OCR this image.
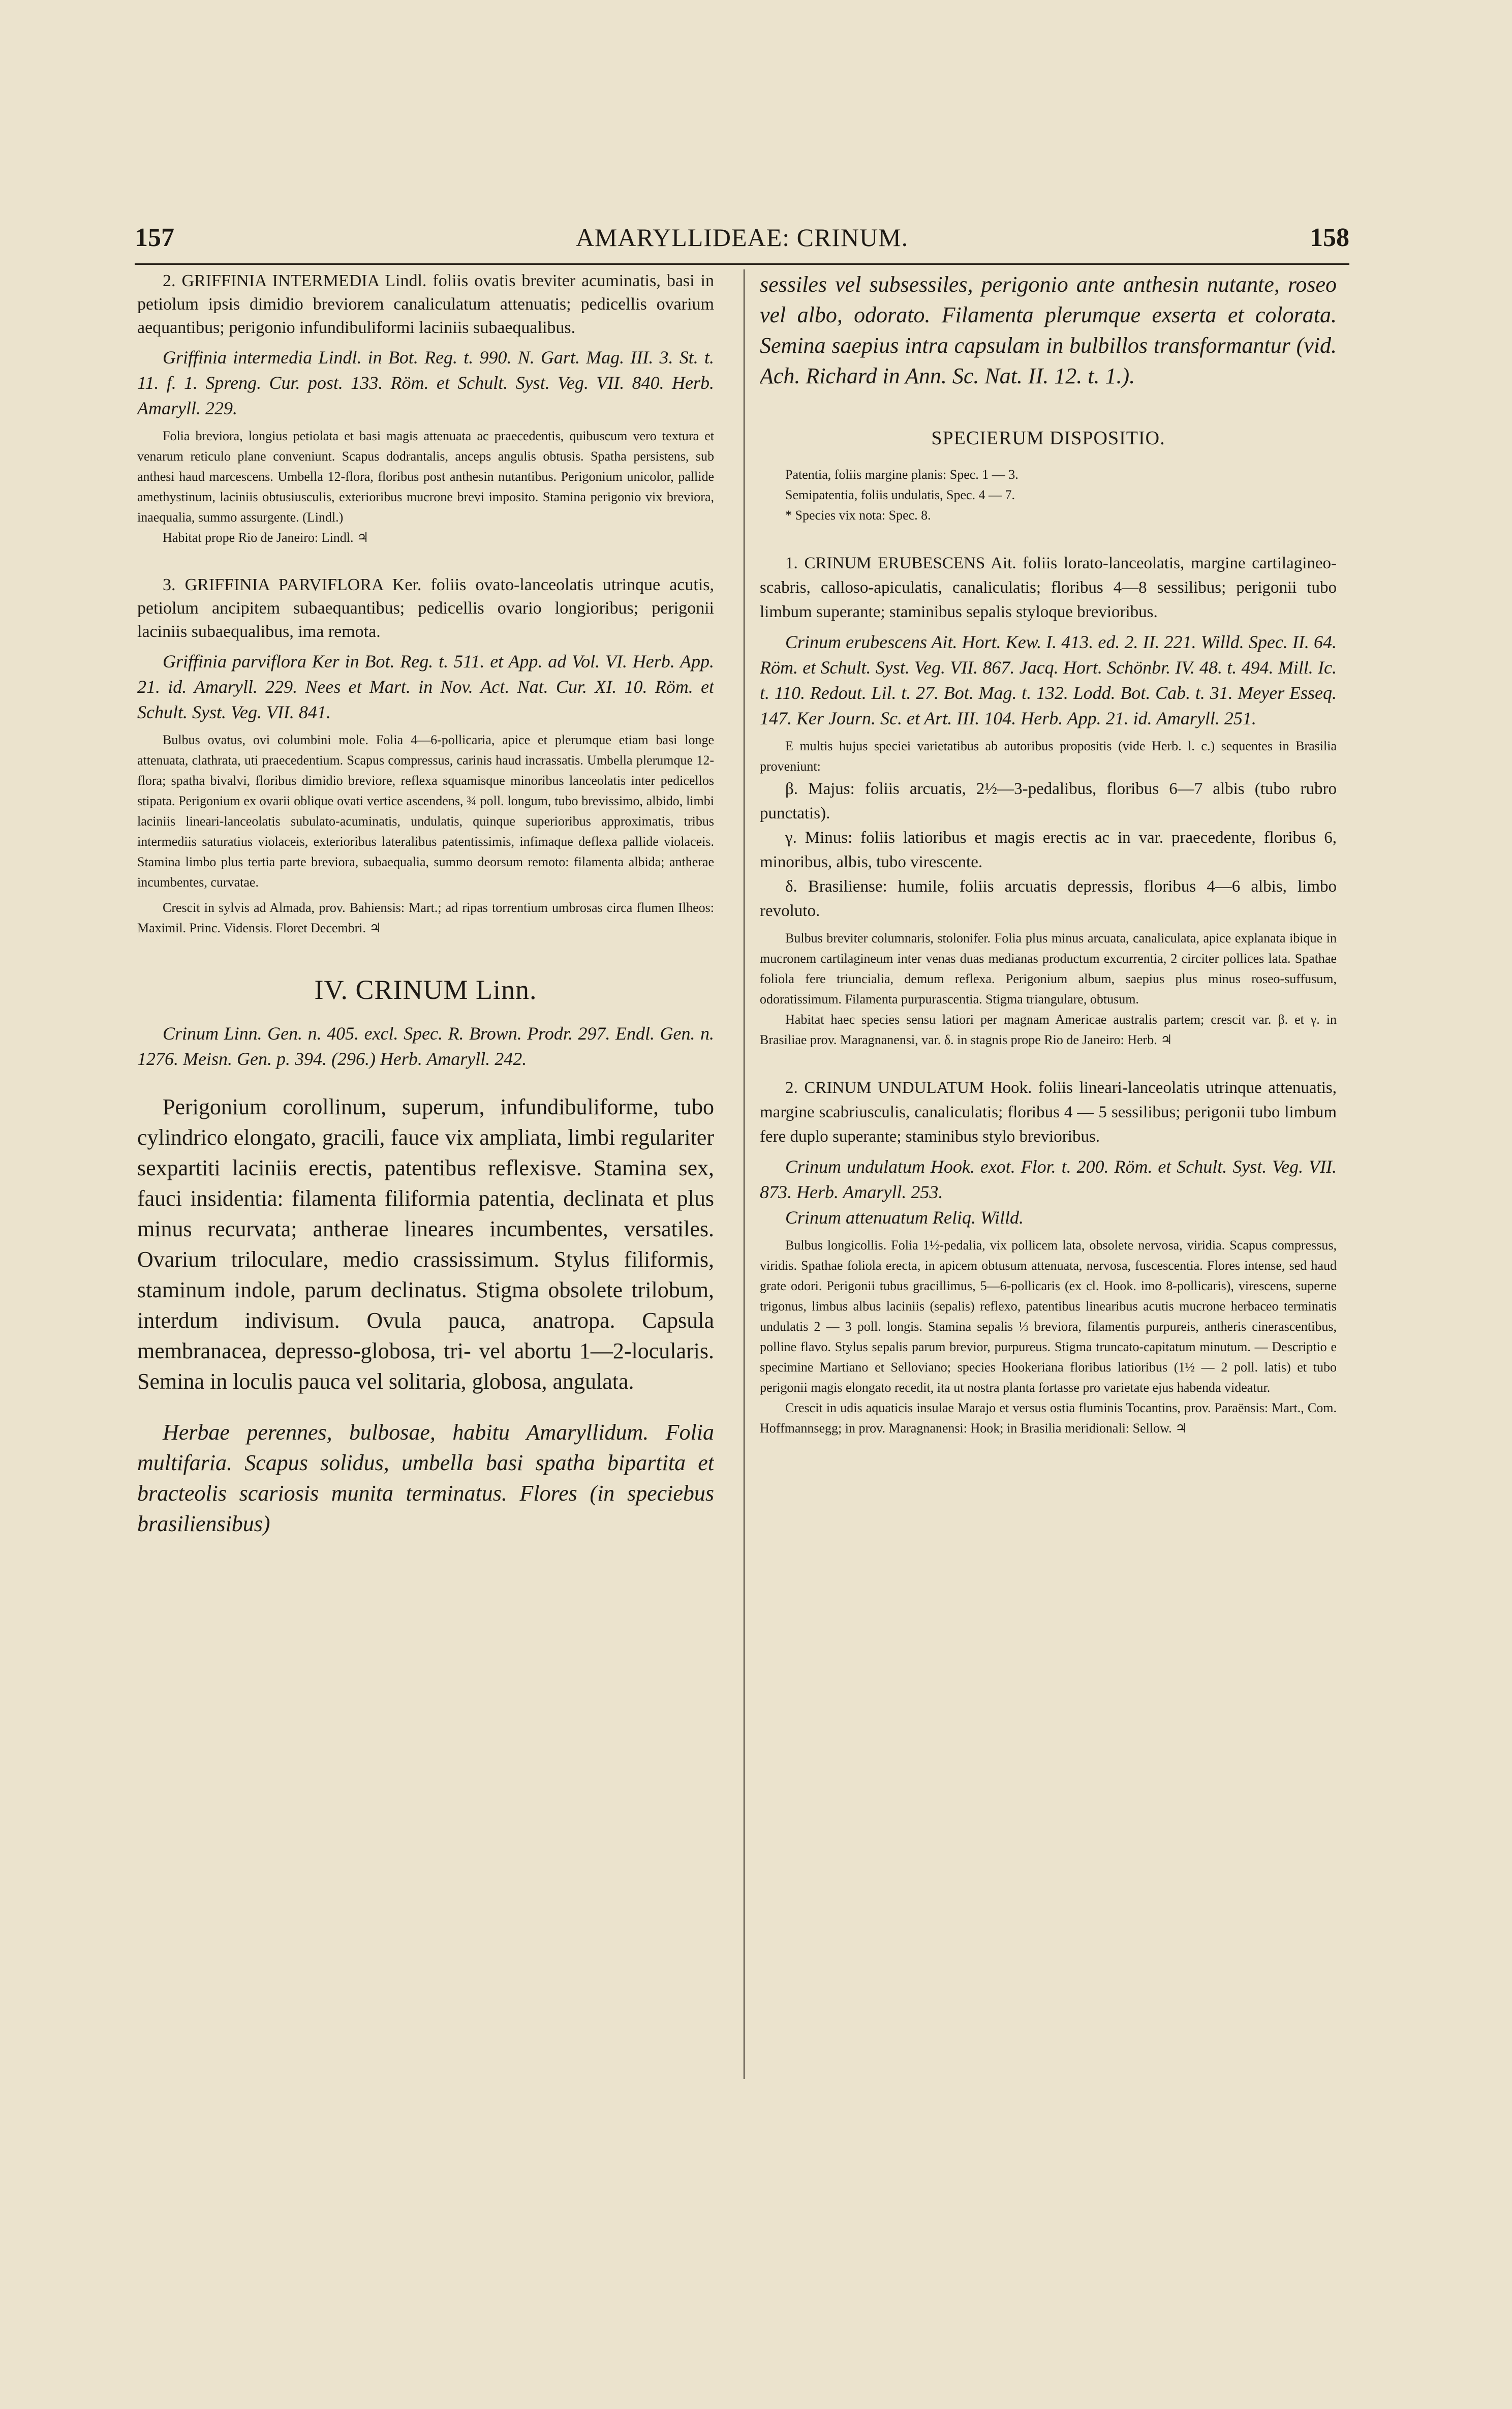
157	AMARYLLIDEAE: CRINUM.	158

2. GRIFFINIA INTERMEDIA Lindl. foliis ovatis breviter acuminatis, basi in petiolum ipsis dimidio breviorem canaliculatum attenuatis; pedicellis ovarium aequantibus; perigonio infundibuliformi laciniis subaequalibus.

Griffinia intermedia Lindl. in Bot. Reg. t. 990. N. Gart. Mag. III. 3. St. t. 11. f. 1. Spreng. Cur. post. 133. Röm. et Schult. Syst. Veg. VII. 840. Herb. Amaryll. 229.

Folia breviora, longius petiolata et basi magis attenuata ac praecedentis, quibuscum vero textura et venarum reticulo plane conveniunt. Scapus dodrantalis, anceps angulis obtusis. Spatha persistens, sub anthesi haud marcescens. Umbella 12-flora, floribus post anthesin nutantibus. Perigonium unicolor, pallide amethystinum, laciniis obtusiusculis, exterioribus mucrone brevi imposito. Stamina perigonio vix breviora, inaequalia, summo assurgente. (Lindl.)

Habitat prope Rio de Janeiro: Lindl. ♃

3. GRIFFINIA PARVIFLORA Ker. foliis ovato-lanceolatis utrinque acutis, petiolum ancipitem subaequantibus; pedicellis ovario longioribus; perigonii laciniis subaequalibus, ima remota.

Griffinia parviflora Ker in Bot. Reg. t. 511. et App. ad Vol. VI. Herb. App. 21. id. Amaryll. 229. Nees et Mart. in Nov. Act. Nat. Cur. XI. 10. Röm. et Schult. Syst. Veg. VII. 841.

Bulbus ovatus, ovi columbini mole. Folia 4—6-pollicaria, apice et plerumque etiam basi longe attenuata, clathrata, uti praecedentium. Scapus compressus, carinis haud incrassatis. Umbella plerumque 12-flora; spatha bivalvi, floribus dimidio breviore, reflexa squamisque minoribus lanceolatis inter pedicellos stipata. Perigonium ex ovarii oblique ovati vertice ascendens, ¾ poll. longum, tubo brevissimo, albido, limbi laciniis lineari-lanceolatis subulato-acuminatis, undulatis, quinque superioribus approximatis, tribus intermediis saturatius violaceis, exterioribus lateralibus patentissimis, infimaque deflexa pallide violaceis. Stamina limbo plus tertia parte breviora, subaequalia, summo deorsum remoto: filamenta albida; antherae incumbentes, curvatae.

Crescit in sylvis ad Almada, prov. Bahiensis: Mart.; ad ripas torrentium umbrosas circa flumen Ilheos: Maximil. Princ. Vidensis. Floret Decembri. ♃

IV. CRINUM Linn.

Crinum Linn. Gen. n. 405. excl. Spec. R. Brown. Prodr. 297. Endl. Gen. n. 1276. Meisn. Gen. p. 394. (296.) Herb. Amaryll. 242.

Perigonium corollinum, superum, infundibuliforme, tubo cylindrico elongato, gracili, fauce vix ampliata, limbi regulariter sexpartiti laciniis erectis, patentibus reflexisve. Stamina sex, fauci insidentia: filamenta filiformia patentia, declinata et plus minus recurvata; antherae lineares incumbentes, versatiles. Ovarium triloculare, medio crassissimum. Stylus filiformis, staminum indole, parum declinatus. Stigma obsolete trilobum, interdum indivisum. Ovula pauca, anatropa. Capsula membranacea, depresso-globosa, tri- vel abortu 1—2-locularis. Semina in loculis pauca vel solitaria, globosa, angulata.

Herbae perennes, bulbosae, habitu Amaryllidum. Folia multifaria. Scapus solidus, umbella basi spatha bipartita et bracteolis scariosis munita terminatus. Flores (in speciebus brasiliensibus)

sessiles vel subsessiles, perigonio ante anthesin nutante, roseo vel albo, odorato. Filamenta plerumque exserta et colorata. Semina saepius intra capsulam in bulbillos transformantur (vid. Ach. Richard in Ann. Sc. Nat. II. 12. t. 1.).

SPECIERUM DISPOSITIO.

Patentia, foliis margine planis: Spec. 1 — 3.

Semipatentia, foliis undulatis, Spec. 4 — 7.

* Species vix nota: Spec. 8.

1. CRINUM ERUBESCENS Ait. foliis lorato-lanceolatis, margine cartilagineo-scabris, calloso-apiculatis, canaliculatis; floribus 4—8 sessilibus; perigonii tubo limbum superante; staminibus sepalis styloque brevioribus.

Crinum erubescens Ait. Hort. Kew. I. 413. ed. 2. II. 221. Willd. Spec. II. 64. Röm. et Schult. Syst. Veg. VII. 867. Jacq. Hort. Schönbr. IV. 48. t. 494. Mill. Ic. t. 110. Redout. Lil. t. 27. Bot. Mag. t. 132. Lodd. Bot. Cab. t. 31. Meyer Esseq. 147. Ker Journ. Sc. et Art. III. 104. Herb. App. 21. id. Amaryll. 251.

E multis hujus speciei varietatibus ab autoribus propositis (vide Herb. l. c.) sequentes in Brasilia proveniunt:

β. Majus: foliis arcuatis, 2½—3-pedalibus, floribus 6—7 albis (tubo rubro punctatis).

γ. Minus: foliis latioribus et magis erectis ac in var. praecedente, floribus 6, minoribus, albis, tubo virescente.

δ. Brasiliense: humile, foliis arcuatis depressis, floribus 4—6 albis, limbo revoluto.

Bulbus breviter columnaris, stolonifer. Folia plus minus arcuata, canaliculata, apice explanata ibique in mucronem cartilagineum inter venas duas medianas productum excurrentia, 2 circiter pollices lata. Spathae foliola fere triuncialia, demum reflexa. Perigonium album, saepius plus minus roseo-suffusum, odoratissimum. Filamenta purpurascentia. Stigma triangulare, obtusum.

Habitat haec species sensu latiori per magnam Americae australis partem; crescit var. β. et γ. in Brasiliae prov. Maragnanensi, var. δ. in stagnis prope Rio de Janeiro: Herb. ♃

2. CRINUM UNDULATUM Hook. foliis lineari-lanceolatis utrinque attenuatis, margine scabriusculis, canaliculatis; floribus 4 — 5 sessilibus; perigonii tubo limbum fere duplo superante; staminibus stylo brevioribus.

Crinum undulatum Hook. exot. Flor. t. 200. Röm. et Schult. Syst. Veg. VII. 873. Herb. Amaryll. 253.

Crinum attenuatum Reliq. Willd.

Bulbus longicollis. Folia 1½-pedalia, vix pollicem lata, obsolete nervosa, viridia. Scapus compressus, viridis. Spathae foliola erecta, in apicem obtusum attenuata, nervosa, fuscescentia. Flores intense, sed haud grate odori. Perigonii tubus gracillimus, 5—6-pollicaris (ex cl. Hook. imo 8-pollicaris), virescens, superne trigonus, limbus albus laciniis (sepalis) reflexo, patentibus linearibus acutis mucrone herbaceo terminatis undulatis 2 — 3 poll. longis. Stamina sepalis ⅓ breviora, filamentis purpureis, antheris cinerascentibus, polline flavo. Stylus sepalis parum brevior, purpureus. Stigma truncato-capitatum minutum. — Descriptio e specimine Martiano et Selloviano; species Hookeriana floribus latioribus (1½ — 2 poll. latis) et tubo perigonii magis elongato recedit, ita ut nostra planta fortasse pro varietate ejus habenda videatur.

Crescit in udis aquaticis insulae Marajo et versus ostia fluminis Tocantins, prov. Paraënsis: Mart., Com. Hoffmannsegg; in prov. Maragnanensi: Hook; in Brasilia meridionali: Sellow. ♃
